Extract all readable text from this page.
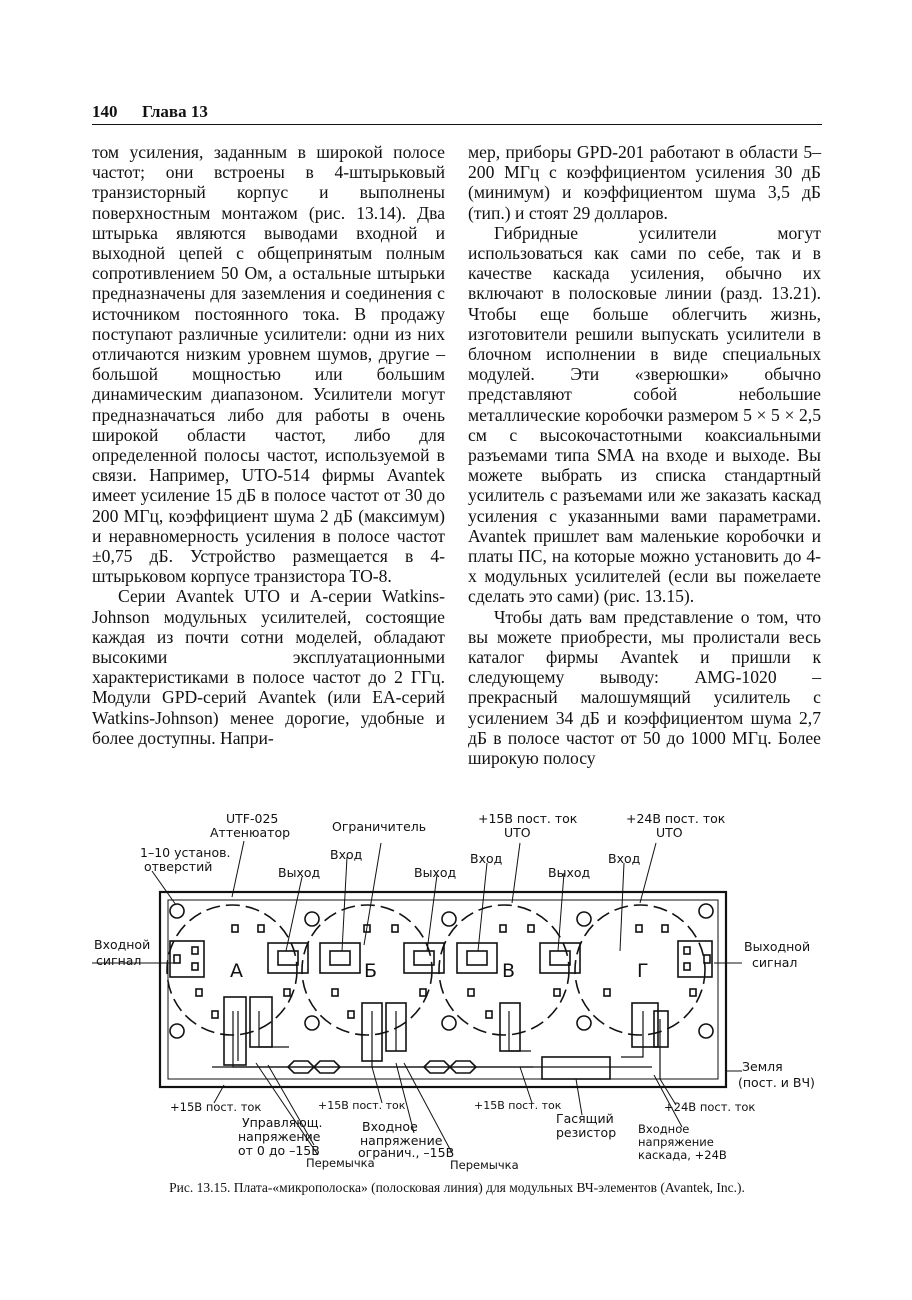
140 Глава 13

том усиления, заданным в широкой полосе частот; они встроены в 4-штырьковый транзисторный корпус и выполнены поверхностным монтажом (рис. 13.14). Два штырька являются выводами входной и выходной цепей с общепринятым полным сопротивлением 50 Ом, а остальные штырьки предназначены для заземления и соединения с источником постоянного тока. В продажу поступают различные усилители: одни из них отличаются низким уровнем шумов, другие – большой мощностью или большим динамическим диапазоном. Усилители могут предназначаться либо для работы в очень широкой области частот, либо для определенной полосы частот, используемой в связи. Например, UTO-514 фирмы Avantek имеет усиление 15 дБ в полосе частот от 30 до 200 МГц, коэффициент шума 2 дБ (максимум) и неравномерность усиления в полосе частот ±0,75 дБ. Устройство размещается в 4-штырьковом корпусе транзистора ТО-8.

Серии Avantek UTO и А-серии Watkins-Johnson модульных усилителей, состоящие каждая из почти сотни моделей, обладают высокими эксплуатационными характеристиками в полосе частот до 2 ГГц. Модули GPD-серий Avantek (или ЕА-серий Watkins-Johnson) менее дорогие, удобные и более доступны. Напри-

мер, приборы GPD-201 работают в области 5–200 МГц с коэффициентом усиления 30 дБ (минимум) и коэффициентом шума 3,5 дБ (тип.) и стоят 29 долларов.

Гибридные усилители могут использоваться как сами по себе, так и в качестве каскада усиления, обычно их включают в полосковые линии (разд. 13.21). Чтобы еще больше облегчить жизнь, изготовители решили выпускать усилители в блочном исполнении в виде специальных модулей. Эти «зверюшки» обычно представляют собой небольшие металлические коробочки размером 5 × 5 × 2,5 см с высокочастотными коаксиальными разъемами типа SMA на входе и выходе. Вы можете выбрать из списка стандартный усилитель с разъемами или же заказать каскад усиления с указанными вами параметрами. Avantek пришлет вам маленькие коробочки и платы ПС, на которые можно установить до 4-х модульных усилителей (если вы пожелаете сделать это сами) (рис. 13.15).

Чтобы дать вам представление о том, что вы можете приобрести, мы пролистали весь каталог фирмы Avantek и пришли к следующему выводу: AMG-1020 – прекрасный малошумящий усилитель с усилением 34 дБ и коэффициентом шума 2,7 дБ в полосе частот от 50 до 1000 МГц. Более широкую полосу

UTF-025
Аттенюатор	Ограничитель
+15В пост. ток
UTO
+24В пост. ток
UTO
1–10 установ.
отверстий	Выход
Вход
Выход
Вход
Выход
Вход
Входной
сигнал
Выходной
сигнал
Земля
(пост. и ВЧ)
+15В пост. ток	+15В пост. ток	+15В пост. ток	+24В пост. ток
Управляющ.
напряжение
от 0 до –15В
Перемычка
Входное
напряжение
огранич., –15В
Перемычка
Гасящий
резистор Входное
напряжение
каскада, +24В
А	Б	В	Г
Рис. 13.15. Плата-«микрополоска» (полосковая линия) для модульных ВЧ-элементов (Avantek, Inc.).
